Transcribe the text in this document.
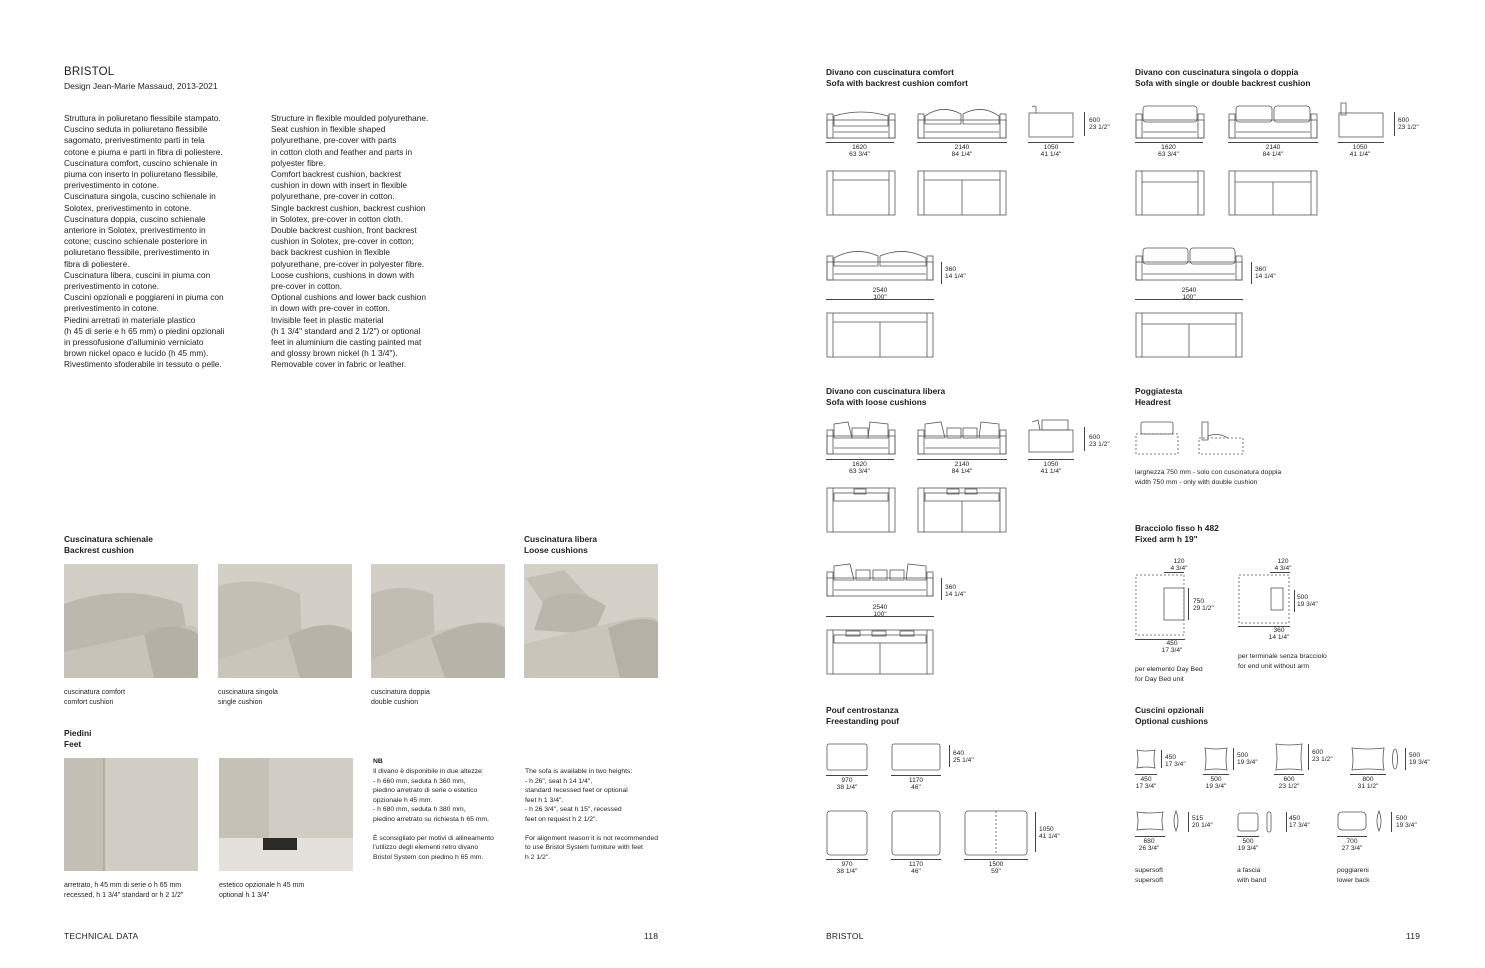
BRISTOL
Design Jean-Marie Massaud, 2013-2021
Struttura in poliuretano flessibile stampato.
Cuscino seduta in poliuretano flessibile
sagomato, prerivestimento parti in tela
cotone e piuma e parti in fibra di poliestere.
Cuscinatura comfort, cuscino schienale in
piuma con inserto in poliuretano flessibile,
prerivestimento in cotone.
Cuscinatura singola, cuscino schienale in
Solotex, prerivestimento in cotone.
Cuscinatura doppia, cuscino schienale
anteriore in Solotex, prerivestimento in
cotone; cuscino schienale posteriore in
poliuretano flessibile, prerivestimento in
fibra di poliestere.
Cuscinatura libera, cuscini in piuma con
prerivestimento in cotone.
Cuscini opzionali e poggiareni in piuma con
prerivestimento in cotone.
Piedini arretrati in materiale plastico
(h 45 di serie e h 65 mm) o piedini opzionali
in pressofusione d'alluminio verniciato
brown nickel opaco e lucido (h 45 mm).
Rivestimento sfoderabile in tessuto o pelle.
Structure in flexible moulded polyurethane.
Seat cushion in flexible shaped
polyurethane, pre-cover with parts
in cotton cloth and feather and parts in
polyester fibre.
Comfort backrest cushion, backrest
cushion in down with insert in flexible
polyurethane, pre-cover in cotton.
Single backrest cushion, backrest cushion
in Solotex, pre-cover in cotton cloth.
Double backrest cushion, front backrest
cushion in Solotex, pre-cover in cotton;
back backrest cushion in flexible
polyurethane, pre-cover in polyester fibre.
Loose cushions, cushions in down with
pre-cover in cotton.
Optional cushions and lower back cushion
in down with pre-cover in cotton.
Invisible feet in plastic material
(h 1 3/4" standard and 2 1/2") or optional
feet in aluminium die casting painted mat
and glossy brown nickel (h 1 3/4").
Removable cover in fabric or leather.
Cuscinatura schienale
Backrest cushion
Cuscinatura libera
Loose cushions
cuscinatura comfort
comfort cushion
cuscinatura singola
single cushion
cuscinatura doppia
double cushion
Piedini
Feet
arretrato, h 45 mm di serie o h 65 mm
recessed, h 1 3/4" standard or h 2 1/2"
estetico opzionale h 45 mm
optional h 1 3/4"
NB
Il divano è disponibile in due altezze:
- h 660 mm, seduta h 360 mm,
piedino arretrato di serie o estetico
opzionale h 45 mm.
- h 680 mm, seduta h 380 mm,
piedino arretrato su richiesta h 65 mm.

È sconsigliato per motivi di allineamento
l'utilizzo degli elementi retro divano
Bristol System con piedino h 65 mm.
The sofa is available in two heights:
- h 26", seat h 14 1/4",
standard recessed feet or optional
feet h 1 3/4".
- h 26 3/4", seat h 15", recessed
feet on request h 2 1/2".

For alignment reason it is not recommended
to use Bristol System furniture with feet
h 2 1/2".
TECHNICAL DATA	118
Divano con cuscinatura comfort
Sofa with backrest cushion comfort
Divano con cuscinatura singola o doppia
Sofa with single or double backrest cushion
1620
63 3/4"
2140
84 1/4"
600
23 1/2"
1050
41 1/4"
360
14 1/4"
2540
100"
1620
63 3/4"
2140
84 1/4"
600
23 1/2"
1050
41 1/4"
360
14 1/4"
2540
100"
Divano con cuscinatura libera
Sofa with loose cushions
Poggiatesta
Headrest
1620
63 3/4"
2140
84 1/4"
600
23 1/2"
1050
41 1/4"
360
14 1/4"
2540
100"
larghezza 750 mm - solo con cuscinatura doppia
width 750 mm - only with double cushion
Bracciolo fisso h 482
Fixed arm h 19"
120
4 3/4"
750
29 1/2"
450
17 3/4"
per elemento Day Bed
for Day Bed unit
120
4 3/4"
500
19 3/4"
360
14 1/4"
per terminale senza bracciolo
for end unit without arm
Pouf centrostanza
Freestanding pouf
970
38 1/4"
1170
46"
640
25 1/4"
970
38 1/4"
1170
46"
1500
59"
1050
41 1/4"
Cuscini opzionali
Optional cushions
450
17 3/4"
450
17 3/4"
500
19 3/4"
500
19 3/4"
600
23 1/2"
600
23 1/2"
500
19 3/4"
800
31 1/2"
515
20 1/4"
680
26 3/4"
450
17 3/4"
500
19 3/4"
500
19 3/4"
700
27 3/4"
supersoft
supersoft
a fascia
with band
poggiareni
lower back
BRISTOL	119
